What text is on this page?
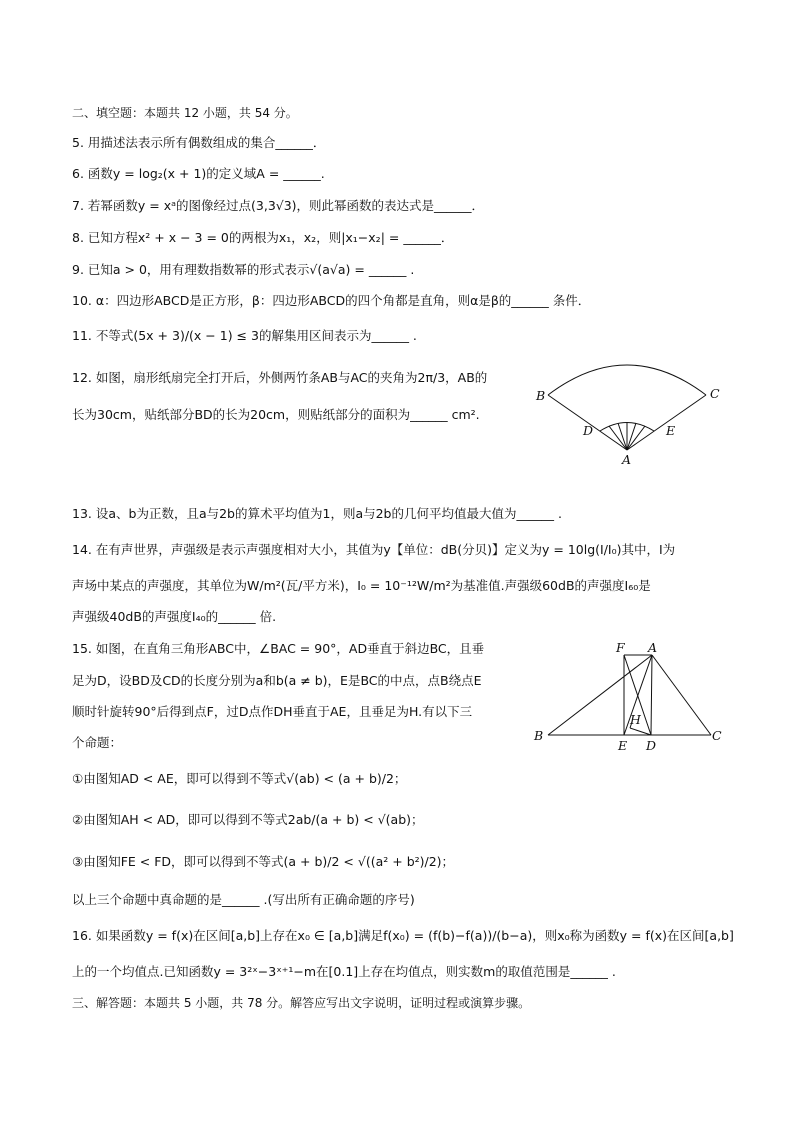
二、填空题：本题共 12 小题，共 54 分。
5. 用描述法表示所有偶数组成的集合______．
6. 函数y = log₂(x + 1)的定义域A = ______.
7. 若幂函数y = xᵃ的图像经过点(3,3√3)，则此幂函数的表达式是______．
8. 已知方程x² + x − 3 = 0的两根为x₁，x₂，则|x₁−x₂| = ______．
9. 已知a > 0，用有理数指数幂的形式表示√(a√a) = ______ .
10. α：四边形ABCD是正方形，β：四边形ABCD的四个角都是直角，则α是β的______ 条件．
11. 不等式(5x + 3)/(x − 1) ≤ 3的解集用区间表示为______ .
12. 如图，扇形纸扇完全打开后，外侧两竹条AB与AC的夹角为2π/3，AB的
长为30cm，贴纸部分BD的长为20cm，则贴纸部分的面积为______ cm².
B	C
D	E
A
13. 设a、b为正数，且a与2b的算术平均值为1，则a与2b的几何平均值最大值为______ .
14. 在有声世界，声强级是表示声强度相对大小，其值为y【单位：dB(分贝)】定义为y = 10lg(I/I₀)其中，I为
声场中某点的声强度，其单位为W/m²(瓦/平方米)，I₀ = 10⁻¹²W/m²为基准值.声强级60dB的声强度I₆₀是
声强级40dB的声强度I₄₀的______ 倍.
15. 如图，在直角三角形ABC中，∠BAC = 90°，AD垂直于斜边BC，且垂
足为D，设BD及CD的长度分别为a和b(a ≠ b)，E是BC的中点，点B绕点E
顺时针旋转90°后得到点F，过D点作DH垂直于AE，且垂足为H.有以下三
个命题：
F A
H
B
E D
C
①由图知AD < AE，即可以得到不等式√(ab) < (a + b)/2；
②由图知AH < AD，即可以得到不等式2ab/(a + b) < √(ab)；
③由图知FE < FD，即可以得到不等式(a + b)/2 < √((a² + b²)/2)；
以上三个命题中真命题的是______ .(写出所有正确命题的序号)
16. 如果函数y = f(x)在区间[a,b]上存在x₀ ∈ [a,b]满足f(x₀) = (f(b)−f(a))/(b−a)，则x₀称为函数y = f(x)在区间[a,b]
上的一个均值点.已知函数y = 3²ˣ−3ˣ⁺¹−m在[0.1]上存在均值点，则实数m的取值范围是______ .
三、解答题：本题共 5 小题，共 78 分。解答应写出文字说明，证明过程或演算步骤。
